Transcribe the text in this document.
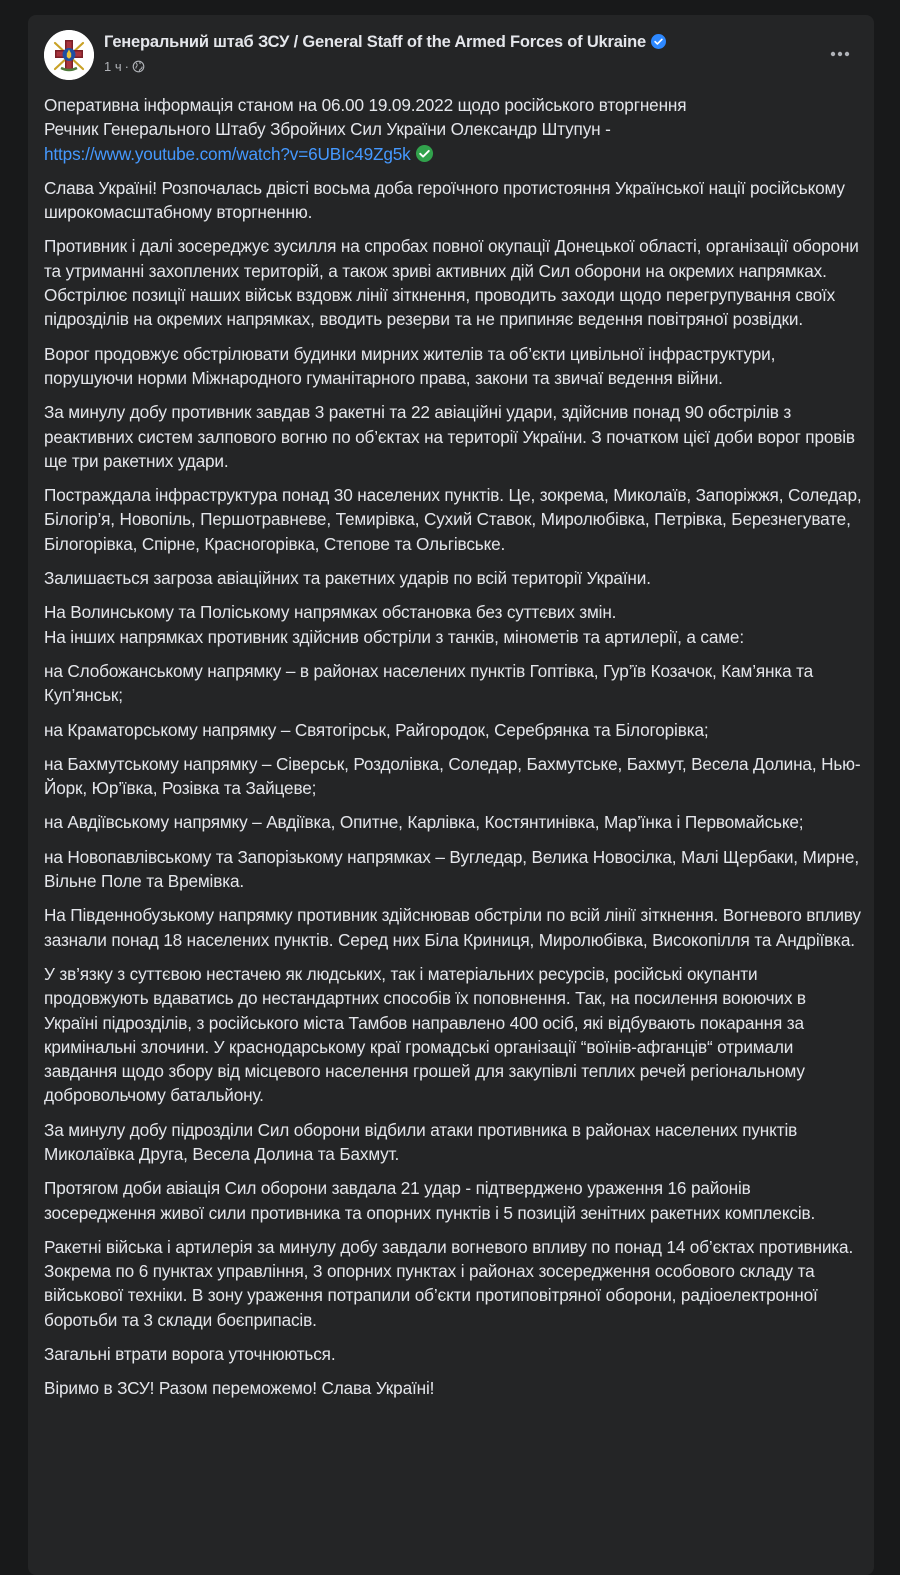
Генеральний штаб ЗСУ / General Staff of the Armed Forces of Ukraine
1 ч ·

Оперативна інформація станом на 06.00 19.09.2022 щодо російського вторгнення
Речник Генерального Штабу Збройних Сил України Олександр Штупун -
https://www.youtube.com/watch?v=6UBIc49Zg5k

Слава Україні! Розпочалась двісті восьма доба героїчного протистояння Української нації російському широкомасштабному вторгненню.

Противник і далі зосереджує зусилля на спробах повної окупації Донецької області, організації оборони та утриманні захоплених територій, а також зриві активних дій Сил оборони на окремих напрямках. Обстрілює позиції наших військ вздовж лінії зіткнення, проводить заходи щодо перегрупування своїх підрозділів на окремих напрямках, вводить резерви та не припиняє ведення повітряної розвідки.

Ворог продовжує обстрілювати будинки мирних жителів та об’єкти цивільної інфраструктури, порушуючи норми Міжнародного гуманітарного права, закони та звичаї ведення війни.

За минулу добу противник завдав 3 ракетні та 22 авіаційні удари, здійснив понад 90 обстрілів з реактивних систем залпового вогню по об’єктах на території України. З початком цієї доби ворог провів ще три ракетних удари.

Постраждала інфраструктура понад 30 населених пунктів. Це, зокрема, Миколаїв, Запоріжжя, Соледар, Білогір’я, Новопіль, Першотравневе, Темирівка, Сухий Ставок, Миролюбівка, Петрівка, Березнегувате, Білогорівка, Спірне, Красногорівка, Степове та Ольгівське.

Залишається загроза авіаційних та ракетних ударів по всій території України.

На Волинському та Поліському напрямках обстановка без суттєвих змін.
На інших напрямках противник здійснив обстріли з танків, мінометів та артилерії, а саме:

на Слобожанському напрямку – в районах населених пунктів Гоптівка, Гур’їв Козачок, Кам’янка та Куп’янськ;

на Краматорському напрямку – Святогірськ, Райгородок, Серебрянка та Білогорівка;

на Бахмутському напрямку – Сіверськ, Роздолівка, Соледар, Бахмутське, Бахмут, Весела Долина, Нью-Йорк, Юр’ївка, Розівка та Зайцеве;

на Авдіївському напрямку – Авдіївка, Опитне, Карлівка, Костянтинівка, Мар’їнка і Первомайське;

на Новопавлівському та Запорізькому напрямках – Вугледар, Велика Новосілка, Малі Щербаки, Мирне, Вільне Поле та Времівка.

На Південнобузькому напрямку противник здійснював обстріли по всій лінії зіткнення. Вогневого впливу зазнали понад 18 населених пунктів. Серед них Біла Криниця, Миролюбівка, Високопілля та Андріївка.

У зв’язку з суттєвою нестачею як людських, так і матеріальних ресурсів, російські окупанти продовжують вдаватись до нестандартних способів їх поповнення. Так, на посилення воюючих в Україні підрозділів, з російського міста Тамбов направлено 400 осіб, які відбувають покарання за кримінальні злочини. У краснодарському краї громадські організації “воїнів-афганців“ отримали завдання щодо збору від місцевого населення грошей для закупівлі теплих речей регіональному добровольчому батальйону.

За минулу добу підрозділи Сил оборони відбили атаки противника в районах населених пунктів Миколаївка Друга, Весела Долина та Бахмут.

Протягом доби авіація Сил оборони завдала 21 удар - підтверджено ураження 16 районів зосередження живої сили противника та опорних пунктів і 5 позицій зенітних ракетних комплексів.

Ракетні війська і артилерія за минулу добу завдали вогневого впливу по понад 14 об’єктах противника. Зокрема по 6 пунктах управління, 3 опорних пунктах і районах зосередження особового складу та військової техніки. В зону ураження потрапили об’єкти протиповітряної оборони, радіоелектронної боротьби та 3 склади боєприпасів.

Загальні втрати ворога уточнюються.

Віримо в ЗСУ! Разом переможемо! Слава Україні!
